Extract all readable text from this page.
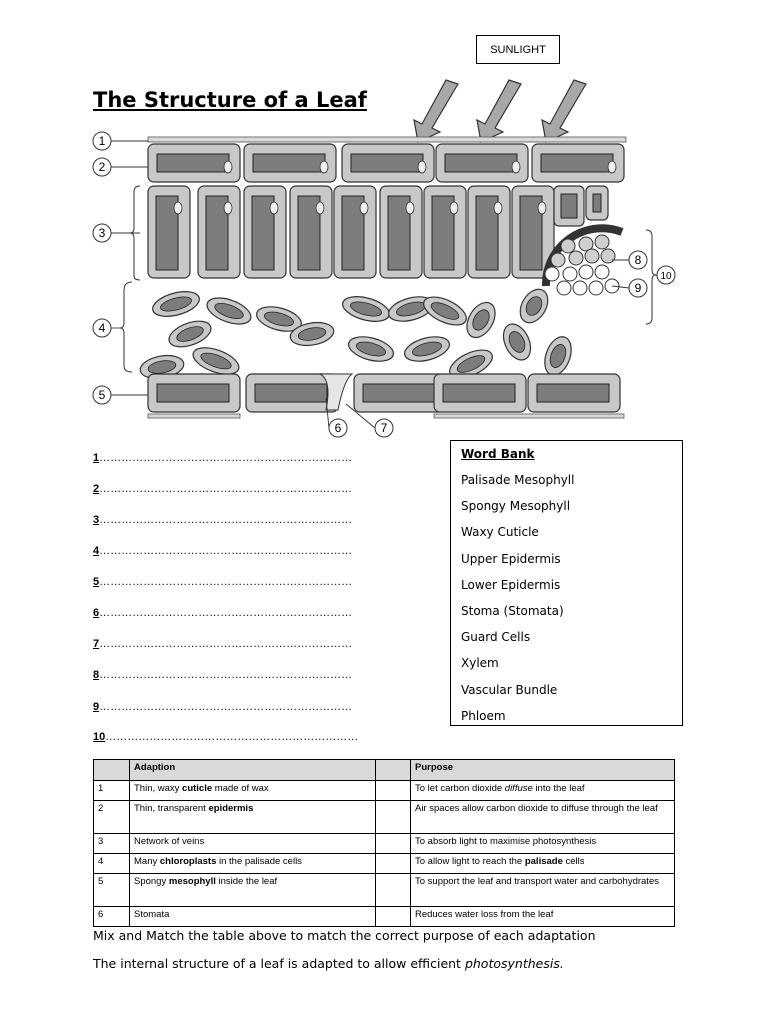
The Structure of a Leaf
SUNLIGHT
1
2
3
4
5
6	7
8
9
10
1……………………………………………………………
2……………………………………………………………
3……………………………………………………………
4……………………………………………………………
5……………………………………………………………
6……………………………………………………………
7……………………………………………………………
8……………………………………………………………
9……………………………………………………………
10……………………………………………………………
Word Bank
Palisade Mesophyll
Spongy Mesophyll
Waxy Cuticle
Upper Epidermis
Lower Epidermis
Stoma (Stomata)
Guard Cells
Xylem
Vascular Bundle
Phloem
	Adaption		Purpose
1	Thin, waxy cuticle made of wax		To let carbon dioxide diffuse into the leaf
2	Thin, transparent epidermis		Air spaces allow carbon dioxide to diffuse through the leaf
3	Network of veins		To absorb light to maximise photosynthesis
4	Many chloroplasts in the palisade cells		To allow light to reach the palisade cells
5	Spongy mesophyll inside the leaf		To support the leaf and transport water and carbohydrates
6	Stomata		Reduces water loss from the leaf
Mix and Match the table above to match the correct purpose of each adaptation
The internal structure of a leaf is adapted to allow efficient photosynthesis.
